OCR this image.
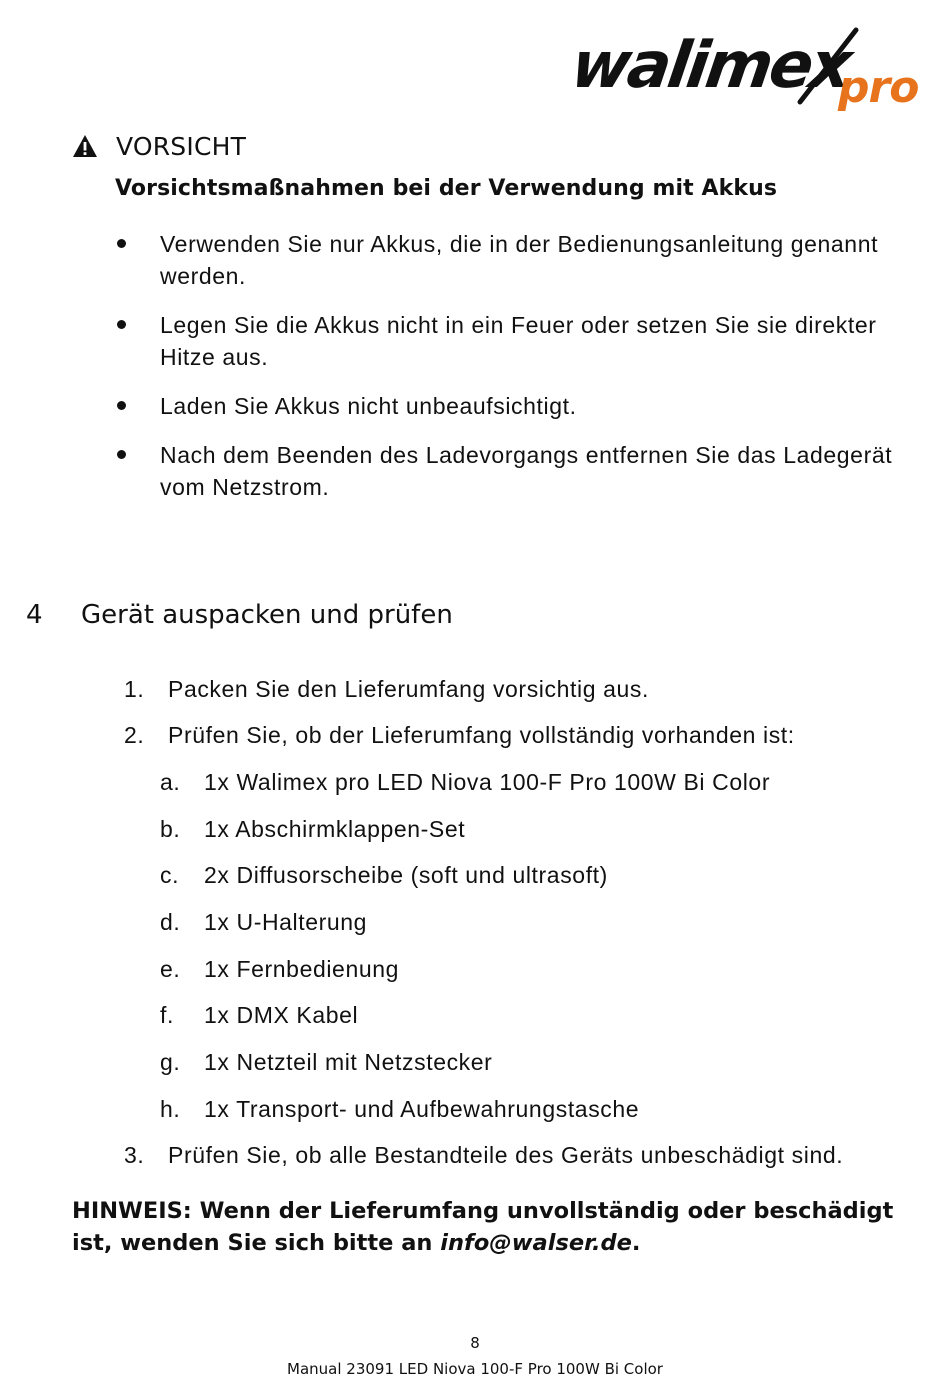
walimex
pro
VORSICHT
Vorsichtsmaßnahmen bei der Verwendung mit Akkus
Verwenden Sie nur Akkus, die in der Bedienungsanleitung genannt werden.
Legen Sie die Akkus nicht in ein Feuer oder setzen Sie sie direkter Hitze aus.
Laden Sie Akkus nicht unbeaufsichtigt.
Nach dem Beenden des Ladevorgangs entfernen Sie das Ladegerät vom Netzstrom.
4	Gerät auspacken und prüfen
1.	Packen Sie den Lieferumfang vorsichtig aus.
2.	Prüfen Sie, ob der Lieferumfang vollständig vorhanden ist:
a.	1x Walimex pro LED Niova 100-F Pro 100W Bi Color
b.	1x Abschirmklappen-Set
c.	2x Diffusorscheibe (soft und ultrasoft)
d.	1x U-Halterung
e.	1x Fernbedienung
f.	1x DMX Kabel
g.	1x Netzteil mit Netzstecker
h.	1x Transport- und Aufbewahrungstasche
3.	Prüfen Sie, ob alle Bestandteile des Geräts unbeschädigt sind.

HINWEIS: Wenn der Lieferumfang unvollständig oder beschädigt ist, wenden Sie sich bitte an info@walser.de.

8
Manual 23091 LED Niova 100-F Pro 100W Bi Color
